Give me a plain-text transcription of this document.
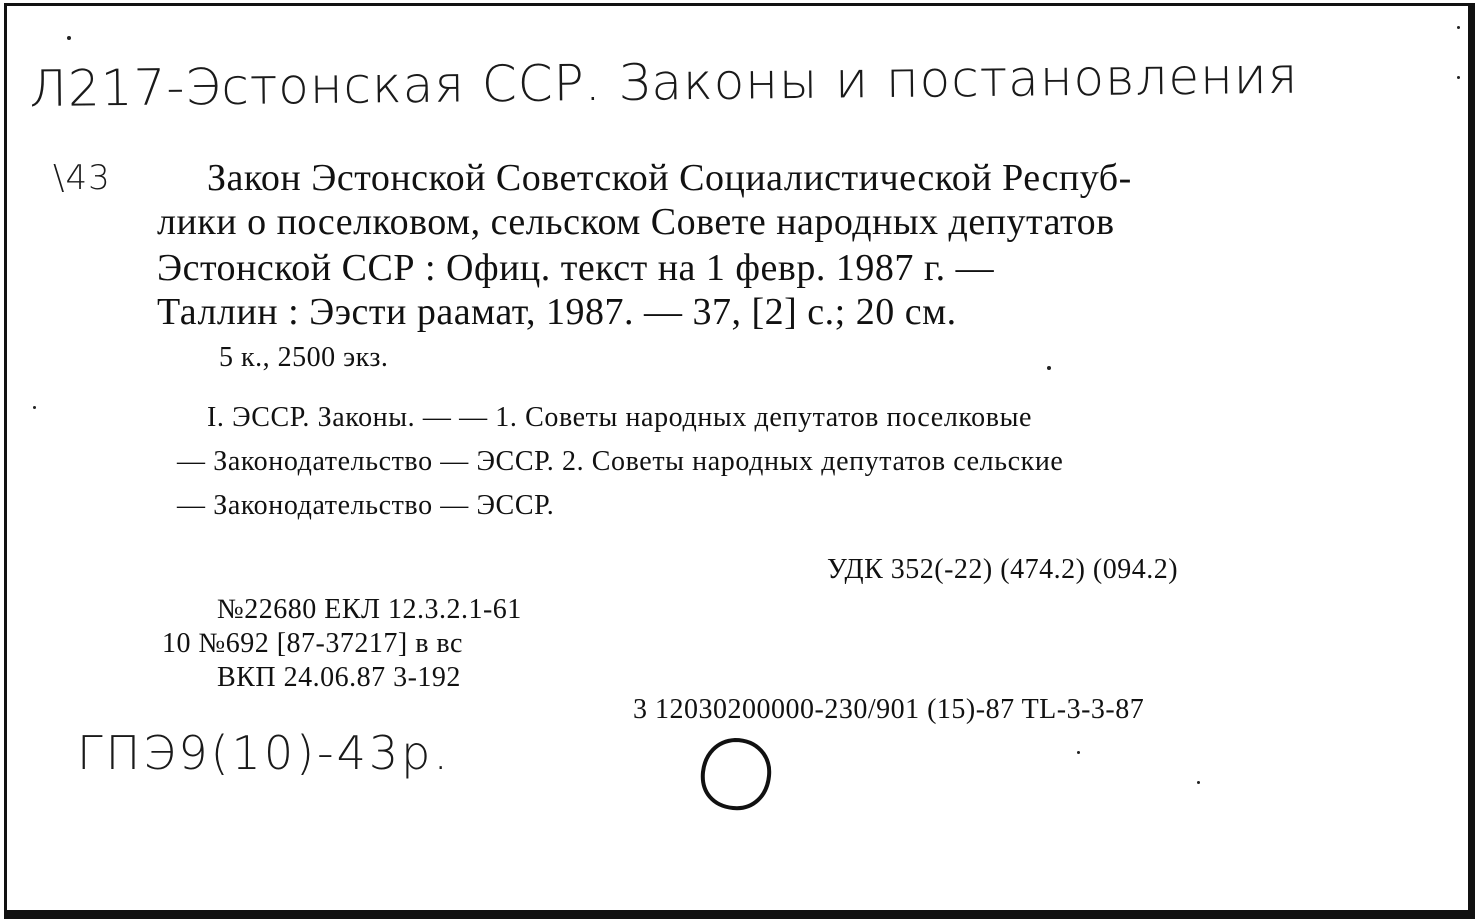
Л217-Эстонская ССР. Законы и постановления
\43	Закон Эстонской Советской Социалистической Респуб-
лики о поселковом, сельском Совете народных депутатов
Эстонской ССР : Офиц. текст на 1 февр. 1987 г. —
Таллин : Ээсти раамат, 1987. — 37, [2] с.; 20 см.
5 к., 2500 экз.
I. ЭССР. Законы. — — 1. Советы народных депутатов поселковые
— Законодательство — ЭССР. 2. Советы народных депутатов сельские
— Законодательство — ЭССР.
УДК 352(-22) (474.2) (094.2)
№22680 ЕКЛ 12.3.2.1-61
10 №692 [87-37217] в вс
ВКП 24.06.87 3-192
3 12030200000-230/901 (15)-87 TL-3-3-87
ГПЭ9(10)-43р.
